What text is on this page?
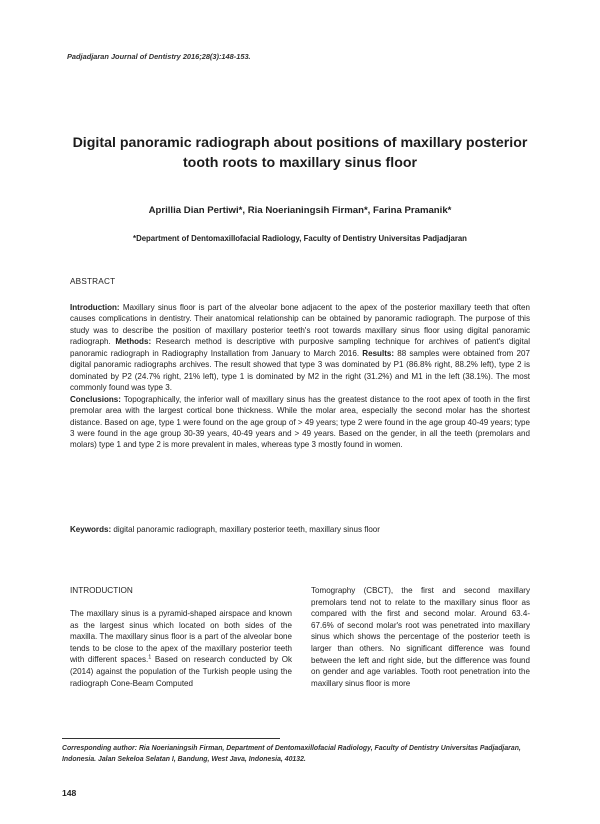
Padjadjaran Journal of Dentistry 2016;28(3):148-153.
Digital panoramic radiograph about positions of maxillary posterior tooth roots to maxillary sinus floor
Aprillia Dian Pertiwi*, Ria Noerianingsih Firman*, Farina Pramanik*
*Department of Dentomaxillofacial Radiology, Faculty of Dentistry Universitas Padjadjaran
ABSTRACT
Introduction: Maxillary sinus floor is part of the alveolar bone adjacent to the apex of the posterior maxillary teeth that often causes complications in dentistry. Their anatomical relationship can be obtained by panoramic radiograph. The purpose of this study was to describe the position of maxillary posterior teeth's root towards maxillary sinus floor using digital panoramic radiograph. Methods: Research method is descriptive with purposive sampling technique for archives of patient's digital panoramic radiograph in Radiography Installation from January to March 2016. Results: 88 samples were obtained from 207 digital panoramic radiographs archives. The result showed that type 3 was dominated by P1 (86.8% right, 88.2% left), type 2 is dominated by P2 (24.7% right, 21% left), type 1 is dominated by M2 in the right (31.2%) and M1 in the left (38.1%). The most commonly found was type 3.
Conclusions: Topographically, the inferior wall of maxillary sinus has the greatest distance to the root apex of tooth in the first premolar area with the largest cortical bone thickness. While the molar area, especially the second molar has the shortest distance. Based on age, type 1 were found on the age group of > 49 years; type 2 were found in the age group 40-49 years; type 3 were found in the age group 30-39 years, 40-49 years and > 49 years. Based on the gender, in all the teeth (premolars and molars) type 1 and type 2 is more prevalent in males, whereas type 3 mostly found in women.
Keywords: digital panoramic radiograph, maxillary posterior teeth, maxillary sinus floor
INTRODUCTION
The maxillary sinus is a pyramid-shaped airspace and known as the largest sinus which located on both sides of the maxilla. The maxillary sinus floor is a part of the alveolar bone tends to be close to the apex of the maxillary posterior teeth with different spaces.$^1$ Based on research conducted by Ok (2014) against the population of the Turkish people using the radiograph Cone-Beam Computed
Tomography (CBCT), the first and second maxillary premolars tend not to relate to the maxillary sinus floor as compared with the first and second molar. Around 63.4-67.6% of second molar's root was penetrated into maxillary sinus which shows the percentage of the posterior teeth is larger than others. No significant difference was found between the left and right side, but the difference was found on gender and age variables. Tooth root penetration into the maxillary sinus floor is more
Corresponding author: Ria Noerianingsih Firman, Department of Dentomaxillofacial Radiology, Faculty of Dentistry Universitas Padjadjaran, Indonesia. Jalan Sekeloa Selatan I, Bandung, West Java, Indonesia, 40132.
148
